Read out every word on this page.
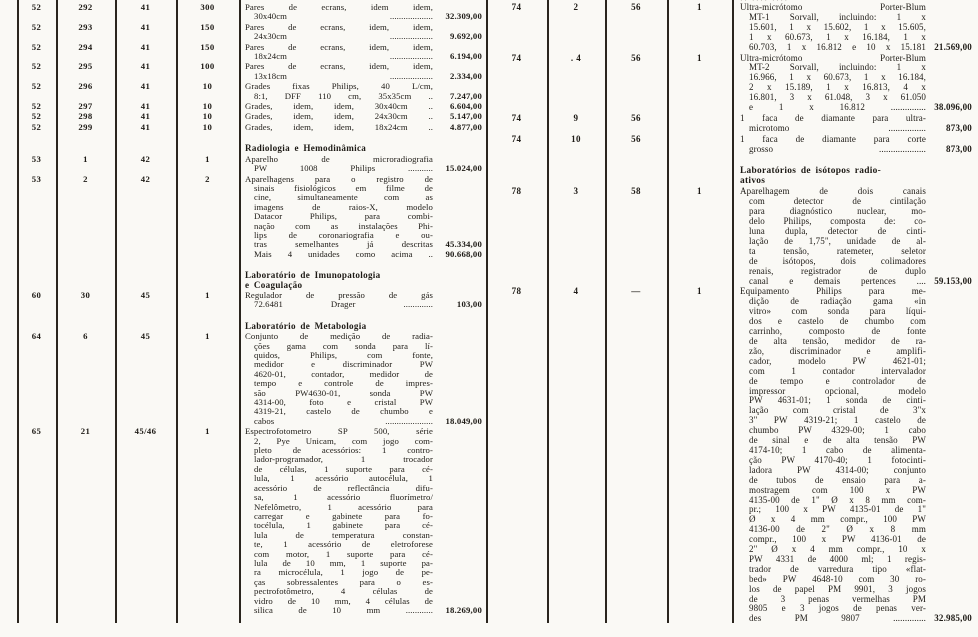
52	292	41	300	Pares de ecrans, idem idem,
30x40cm ................... 32.309,00
52	293	41	150	Pares de ecrans, idem, idem,
24x30cm ................... 9.692,00
52	294	41	150	Pares de ecrans, idem, idem,
18x24cm ................... 6.194,00
52	295	41	100	Pares de ecrans, idem, idem,
13x18cm ................... 2.334,00
52	296	41	10	Grades fixas Philips, 40 L/cm,
8:1, DFF 110 cm, 35x35cm .. 7.247,00
52	297	41	10	Grades, idem, idem, 30x40cm .. 6.604,00
52	298	41	10	Grades, idem, idem, 24x30cm .. 5.147,00
52	299	41	10	Grades, idem, idem, 18x24cm .. 4.877,00
Radiologia e Hemodinâmica
53	1	42	1	Aparelho de microradiografia
PW 1008 Philips ........... 15.024,00
53	2	42	2	Aparelhagens para o registro de
sinais fisiológicos em filme de
cine, simultaneamente com as
imagens de raios-X, modelo
Datacor Philips, para combi-
nação com as instalações Phi-
lips de coronariografia e ou-
tras semelhantes já descritas
Mais 4 unidades como acima ..
45.334,00
90.668,00
Laboratório de Imunopatologia
e Coagulação
60	30	45	1	Regulador de pressão de gás
72.6481 Drager .............	103,00
Laboratório de Metabologia
64	6	45	1	Conjunto de medição de radia-
ções gama com sonda para lí-
quidos, Philips, com fonte,
medidor e discriminador PW
4620-01, contador, medidor de
tempo e controle de impres-
são PW4630-01, sonda PW
4314-00, foto e cristal PW
4319-21, castelo de chumbo e
cabos ..................... 18.049,00
65	21	45/46	1	Espectrofotometro SP 500, série
2, Pye Unicam, com jogo com-
pleto de acessórios: 1 contro-
lador-programador, 1 trocador
de células, 1 suporte para cé-
lula, 1 acessório autocélula, 1
acessório de reflectância difu-
sa, 1 acessório fluorímetro/
Nefelômetro, 1 acessório para
carregar e gabinete para fo-
tocélula, 1 gabinete para cé-
lula de temperatura constan-
te, 1 acessório de eletroforese
com motor, 1 suporte para cé-
lula de 10 mm, 1 suporte pa-
ra microcélula, 1 jogo de pe-
ças sobressalentes para o es-
pectrofotômetro, 4 células de
vidro de 10 mm, 4 células de
silica de 10 mm ............ 18.269,00
74	2	56	1	Ultra-micrótomo Porter-Blum
MT-1 Sorvall, incluindo: 1 x
15.601, 1 x 15.602, 1 x 15.605,
1 x 60.673, 1 x 16.184, 1 x
60.703, 1 x 16.812 e 10 x 15.181 21.569,00
74	. 4	56	1	Ultra-micrótomo Porter-Blum
MT-2 Sorvall, incluindo: 1 x
16.966, 1 x 60.673, 1 x 16.184,
2 x 15.189, 1 x 16.813, 4 x
16.801, 3 x 61.048, 3 x 61.050
e 1 x 16.812 ............... 38.096,00
74	9	56	1 faca de diamante para ultra-
microtomo ................ 873,00
74	10	56	1 faca de diamante para corte
grosso .................... 873,00
Laboratórios de isótopos radio-
ativos
78	3	58	1	Aparelhagem de dois canais
com detector de cintilação
para diagnóstico nuclear, mo-
delo Philips, composta de: co-
luna dupla, detector de cinti-
lação de 1,75", unidade de al-
ta tensão, ratemeter, seletor
de isótopos, dois colimadores
renais, registrador de duplo
canal e demais pertences .... 59.153,00
78	4	—	1	Equipamento Philips para me-
dição de radiação gama «in
vitro» com sonda para líqui-
dos e castelo de chumbo com
carrinho, composto de fonte
de alta tensão, medidor de ra-
zão, discriminador e amplifi-
cador, modelo PW 4621-01;
com 1 contador intervalador
de tempo e controlador de
impressor opcional, modelo
PW 4631-01; 1 sonda de cinti-
lação com cristal de 3"x
3" PW 4319-21; 1 castelo de
chumbo PW 4329-00; 1 cabo
de sinal e de alta tensão PW
4174-10; 1 cabo de alimenta-
ção PW 4170-40; 1 fotocinti-
ladora PW 4314-00; conjunto
de tubos de ensaio para a-
mostragem com 100 x PW
4135-00 de 1" Ø x 8 mm com-
pr.; 100 x PW 4135-01 de 1"
Ø x 4 mm compr., 100 PW
4136-00 de 2" Ø x 8 mm
compr., 100 x PW 4136-01 de
2" Ø x 4 mm compr., 10 x
PW 4331 de 4000 ml; 1 regis-
trador de varredura tipo «flat-
bed» PW 4648-10 com 30 ro-
los de papel PM 9901, 3 jogos
de 3 penas vermelhas PM
9805 e 3 jogos de penas ver-
des PM 9807 .............. 32.985,00
